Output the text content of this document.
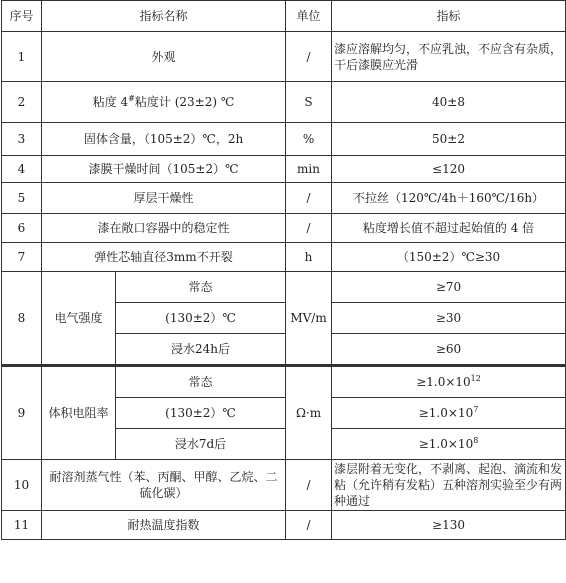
序号	指标名称		单位	指标
1	外观		/	漆应溶解均匀，不应乳浊，不应含有杂质，干后漆膜应光滑
2	粘度 4#粘度计 (23±2) ℃		S	40±8
3	固体含量，（105±2）℃，2h		%	50±2
4	漆膜干燥时间（105±2）℃		min	≤120
5	厚层干燥性		/	不拉丝（120℃/4h＋160℃/16h）
6	漆在敞口容器中的稳定性		/	粘度增长值不超过起始值的 4 倍
7	弹性芯轴直径3mm不开裂		h	（150±2）℃≥30
8	电气强度	常态	MV/m	≥70
		(130±2）℃		≥30
		浸水24h后		≥60
9	体积电阻率	常态	Ω·m	$\ge 1.0\times 10^{12}$
		(130±2）℃		$\ge 1.0\times 10^7$
		浸水7d后		$\ge 1.0\times 10^8$
10	耐溶剂蒸气性（苯、丙酮、甲醇、乙烷、二硫化碳）		/	漆层附着无变化，不剥离、起泡、滴流和发粘（允许稍有发粘）五种溶剂实验至少有两种通过
11	耐热温度指数		/	≥130
